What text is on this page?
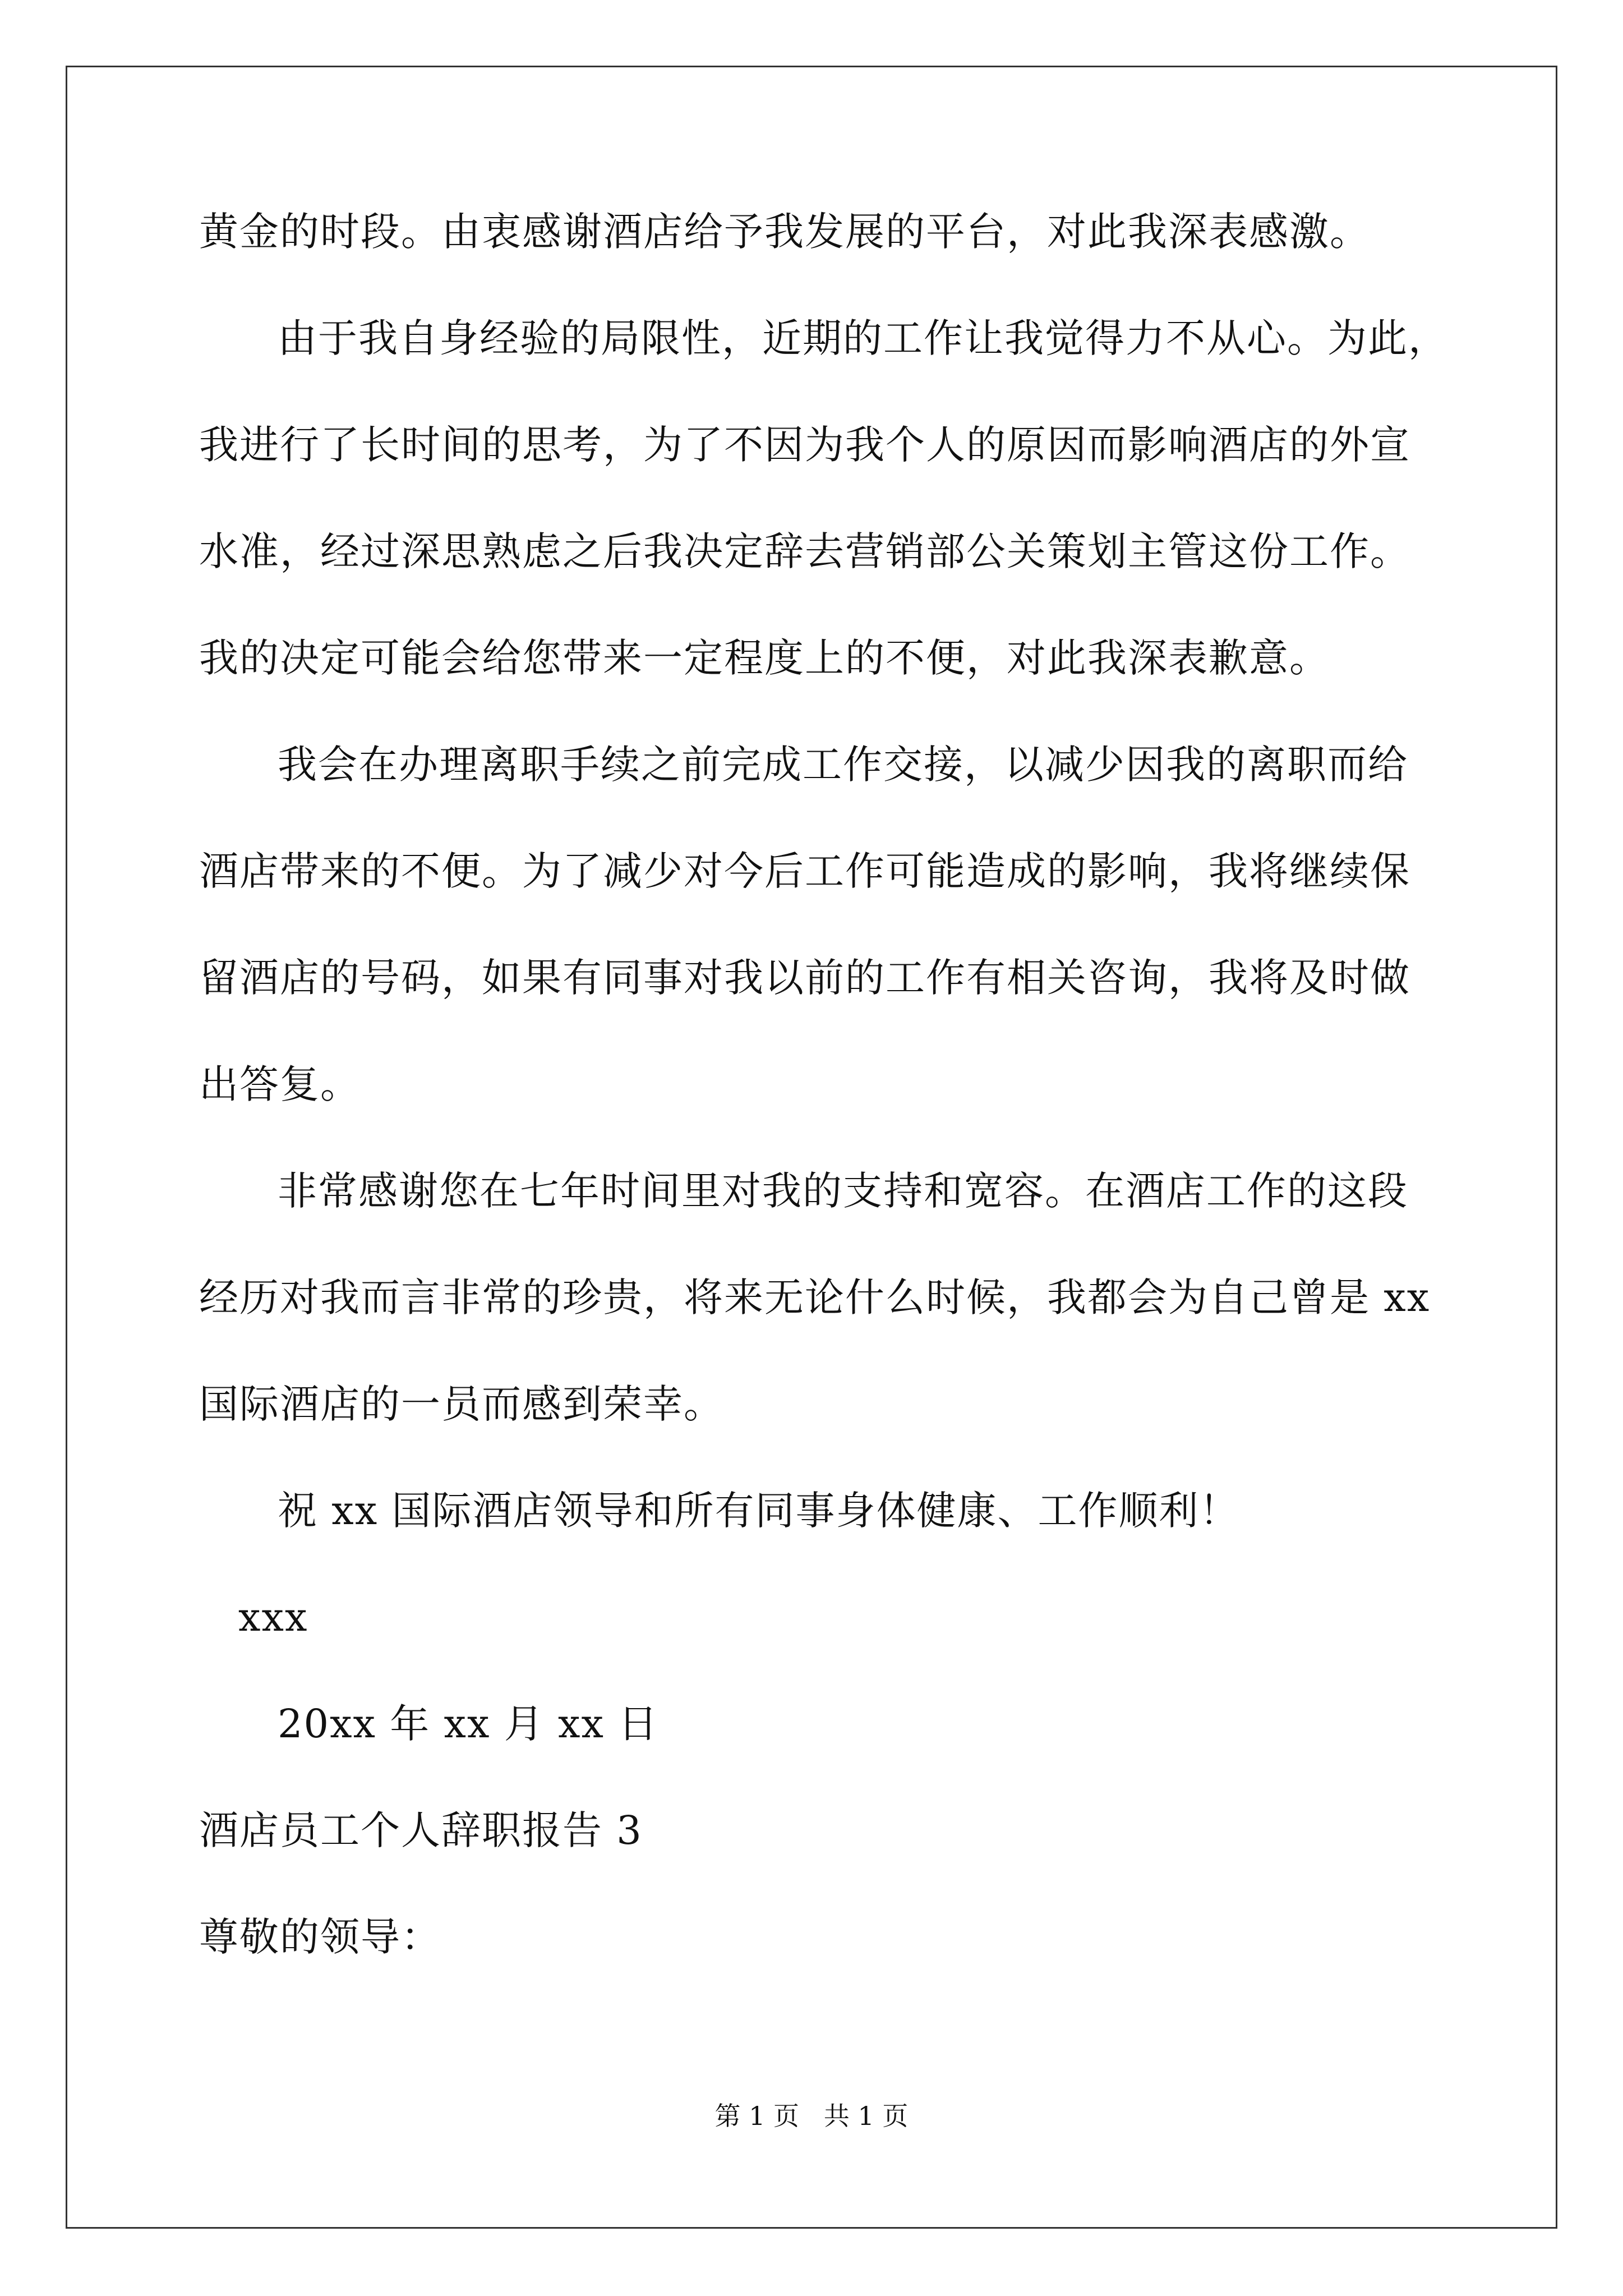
黄金的时段。由衷感谢酒店给予我发展的平台，对此我深表感激。
由于我自身经验的局限性，近期的工作让我觉得力不从心。为此，
我进行了长时间的思考，为了不因为我个人的原因而影响酒店的外宣
水准，经过深思熟虑之后我决定辞去营销部公关策划主管这份工作。
我的决定可能会给您带来一定程度上的不便，对此我深表歉意。
我会在办理离职手续之前完成工作交接，以减少因我的离职而给
酒店带来的不便。为了减少对今后工作可能造成的影响，我将继续保
留酒店的号码，如果有同事对我以前的工作有相关咨询，我将及时做
出答复。
非常感谢您在七年时间里对我的支持和宽容。在酒店工作的这段
经历对我而言非常的珍贵，将来无论什么时候，我都会为自己曾是 xx
国际酒店的一员而感到荣幸。
祝 xx 国际酒店领导和所有同事身体健康、工作顺利！
xxx
20xx 年 xx 月 xx 日
酒店员工个人辞职报告 3
尊敬的领导：
第 1 页   共 1 页
